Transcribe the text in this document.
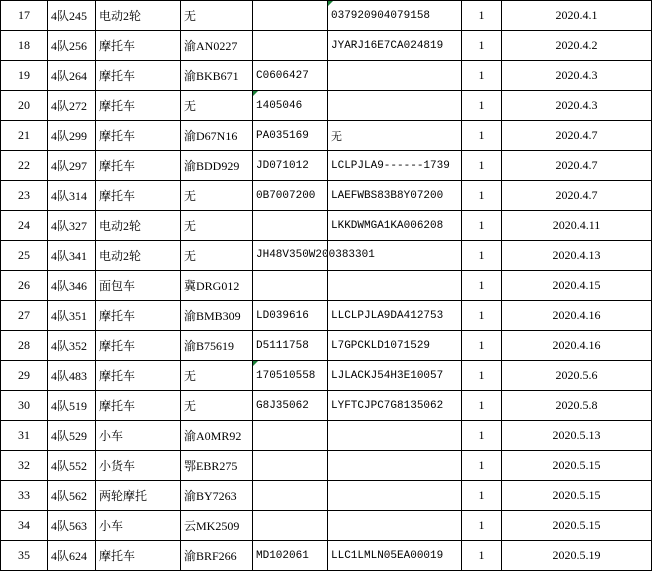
17	4队245	电动2轮	无		037920904079158	1	2020.4.1
18	4队256	摩托车	渝AN0227		JYARJ16E7CA024819	1	2020.4.2
19	4队264	摩托车	渝BKB671	C0606427		1	2020.4.3
20	4队272	摩托车	无	1405046		1	2020.4.3
21	4队299	摩托车	渝D67N16	PA035169	无	1	2020.4.7
22	4队297	摩托车	渝BDD929	JD071012	LCLPJLA9------1739	1	2020.4.7
23	4队314	摩托车	无	0B7007200	LAEFWBS83B8Y07200	1	2020.4.7
24	4队327	电动2轮	无		LKKDWMGA1KA006208	1	2020.4.11
25	4队341	电动2轮	无	JH48V350W200383301		1	2020.4.13
26	4队346	面包车	冀DRG012			1	2020.4.15
27	4队351	摩托车	渝BMB309	LD039616	LLCLPJLA9DA412753	1	2020.4.16
28	4队352	摩托车	渝B75619	D5111758	L7GPCKLD1071529	1	2020.4.16
29	4队483	摩托车	无	170510558	LJLACKJ54H3E10057	1	2020.5.6
30	4队519	摩托车	无	G8J35062	LYFTCJPC7G8135062	1	2020.5.8
31	4队529	小车	渝A0MR92			1	2020.5.13
32	4队552	小货车	鄂EBR275			1	2020.5.15
33	4队562	两轮摩托	渝BY7263			1	2020.5.15
34	4队563	小车	云MK2509			1	2020.5.15
35	4队624	摩托车	渝BRF266	MD102061	LLC1LMLN05EA00019	1	2020.5.19
